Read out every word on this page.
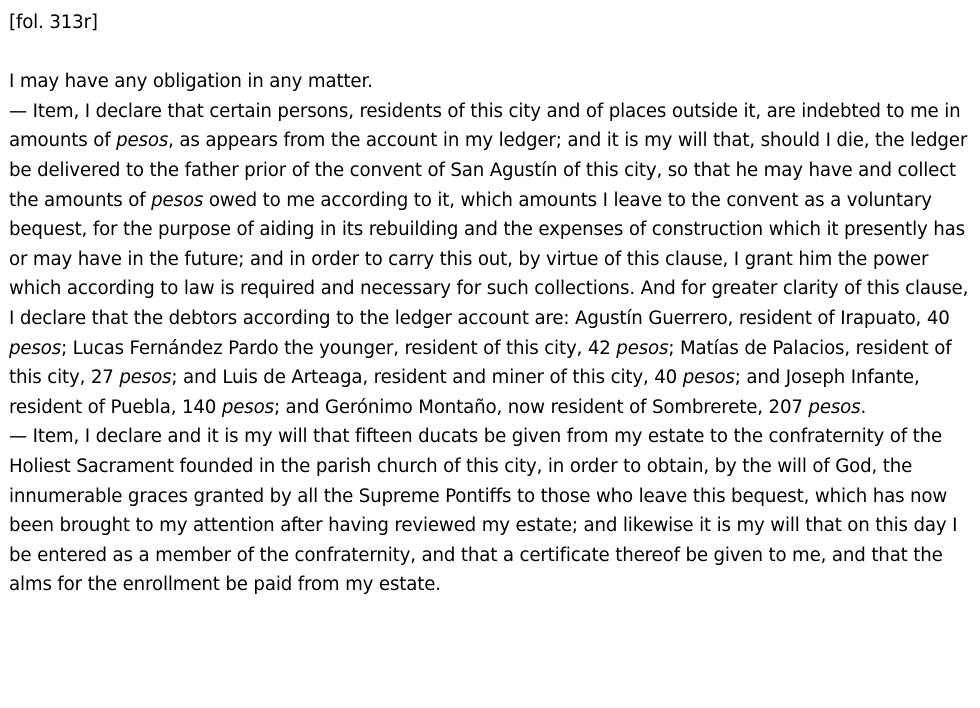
[fol. 313r]

I may have any obligation in any matter.

— Item, I declare that certain persons, residents of this city and of places outside it, are indebted to me in amounts of pesos, as appears from the account in my ledger; and it is my will that, should I die, the ledger be delivered to the father prior of the convent of San Agustín of this city, so that he may have and collect the amounts of pesos owed to me according to it, which amounts I leave to the convent as a voluntary bequest, for the purpose of aiding in its rebuilding and the expenses of construction which it presently has or may have in the future; and in order to carry this out, by virtue of this clause, I grant him the power which according to law is required and necessary for such collections. And for greater clarity of this clause, I declare that the debtors according to the ledger account are: Agustín Guerrero, resident of Irapuato, 40 pesos; Lucas Fernández Pardo the younger, resident of this city, 42 pesos; Matías de Palacios, resident of this city, 27 pesos; and Luis de Arteaga, resident and miner of this city, 40 pesos; and Joseph Infante, resident of Puebla, 140 pesos; and Gerónimo Montaño, now resident of Sombrerete, 207 pesos.

— Item, I declare and it is my will that fifteen ducats be given from my estate to the confraternity of the Holiest Sacrament founded in the parish church of this city, in order to obtain, by the will of God, the innumerable graces granted by all the Supreme Pontiffs to those who leave this bequest, which has now been brought to my attention after having reviewed my estate; and likewise it is my will that on this day I be entered as a member of the confraternity, and that a certificate thereof be given to me, and that the alms for the enrollment be paid from my estate.
